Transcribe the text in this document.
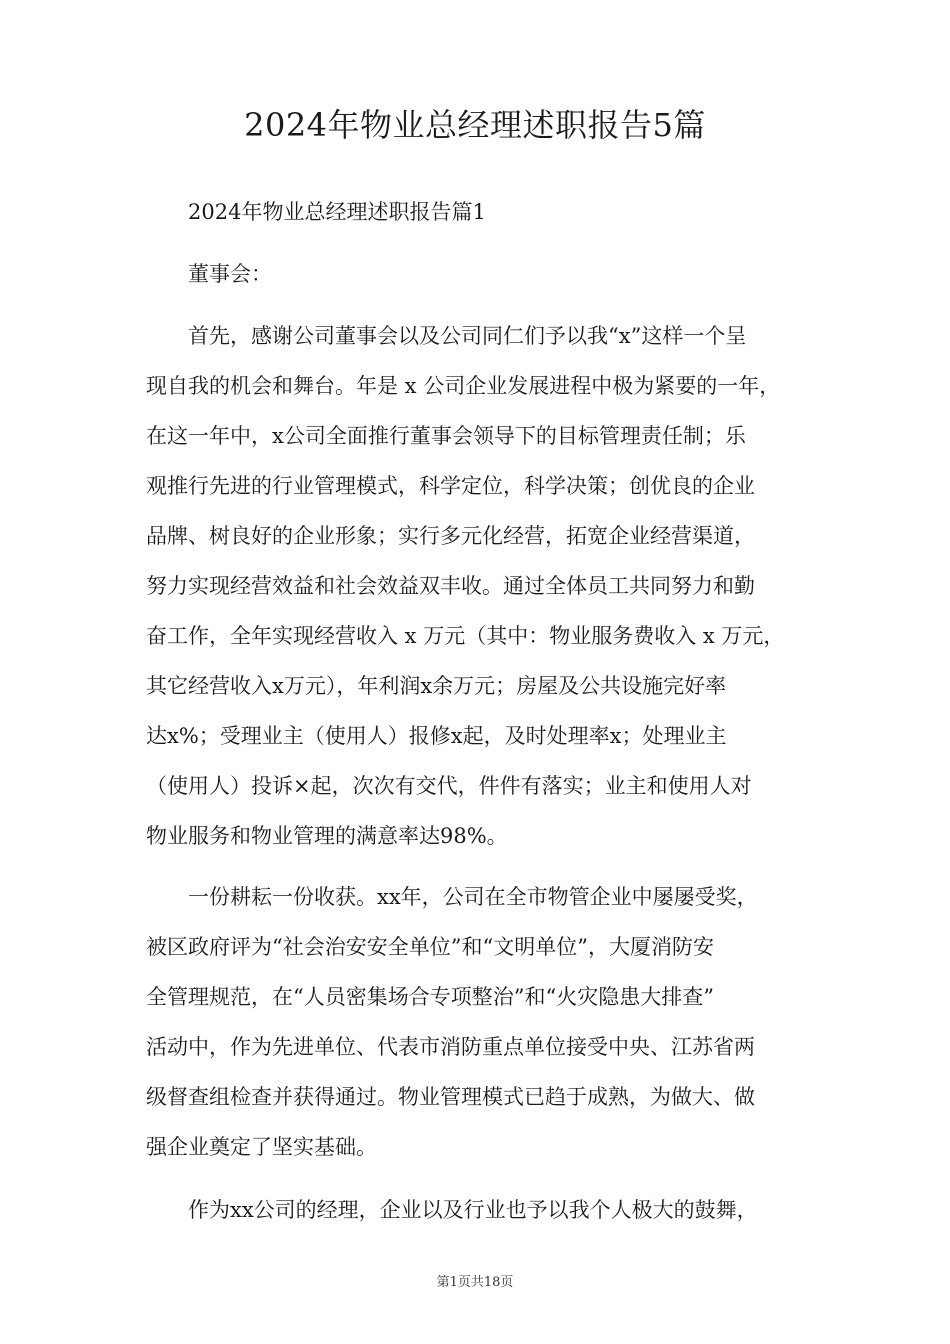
2024年物业总经理述职报告5篇

2024年物业总经理述职报告篇1

董事会：

首先，感谢公司董事会以及公司同仁们予以我“x”这样一个呈

现自我的机会和舞台。年是 x 公司企业发展进程中极为紧要的一年，

在这一年中，x公司全面推行董事会领导下的目标管理责任制；乐

观推行先进的行业管理模式，科学定位，科学决策；创优良的企业

品牌、树良好的企业形象；实行多元化经营，拓宽企业经营渠道，

努力实现经营效益和社会效益双丰收。通过全体员工共同努力和勤

奋工作，全年实现经营收入 x 万元（其中：物业服务费收入 x 万元，

其它经营收入x万元），年利润x余万元；房屋及公共设施完好率

达x%；受理业主（使用人）报修x起，及时处理率x；处理业主

（使用人）投诉×起，次次有交代，件件有落实；业主和使用人对

物业服务和物业管理的满意率达98%。

一份耕耘一份收获。xx年，公司在全市物管企业中屡屡受奖，

被区政府评为“社会治安安全单位”和“文明单位”，大厦消防安

全管理规范，在“人员密集场合专项整治”和“火灾隐患大排查”

活动中，作为先进单位、代表市消防重点单位接受中央、江苏省两

级督查组检查并获得通过。物业管理模式已趋于成熟，为做大、做

强企业奠定了坚实基础。

作为xx公司的经理，企业以及行业也予以我个人极大的鼓舞，

第1页共18页
